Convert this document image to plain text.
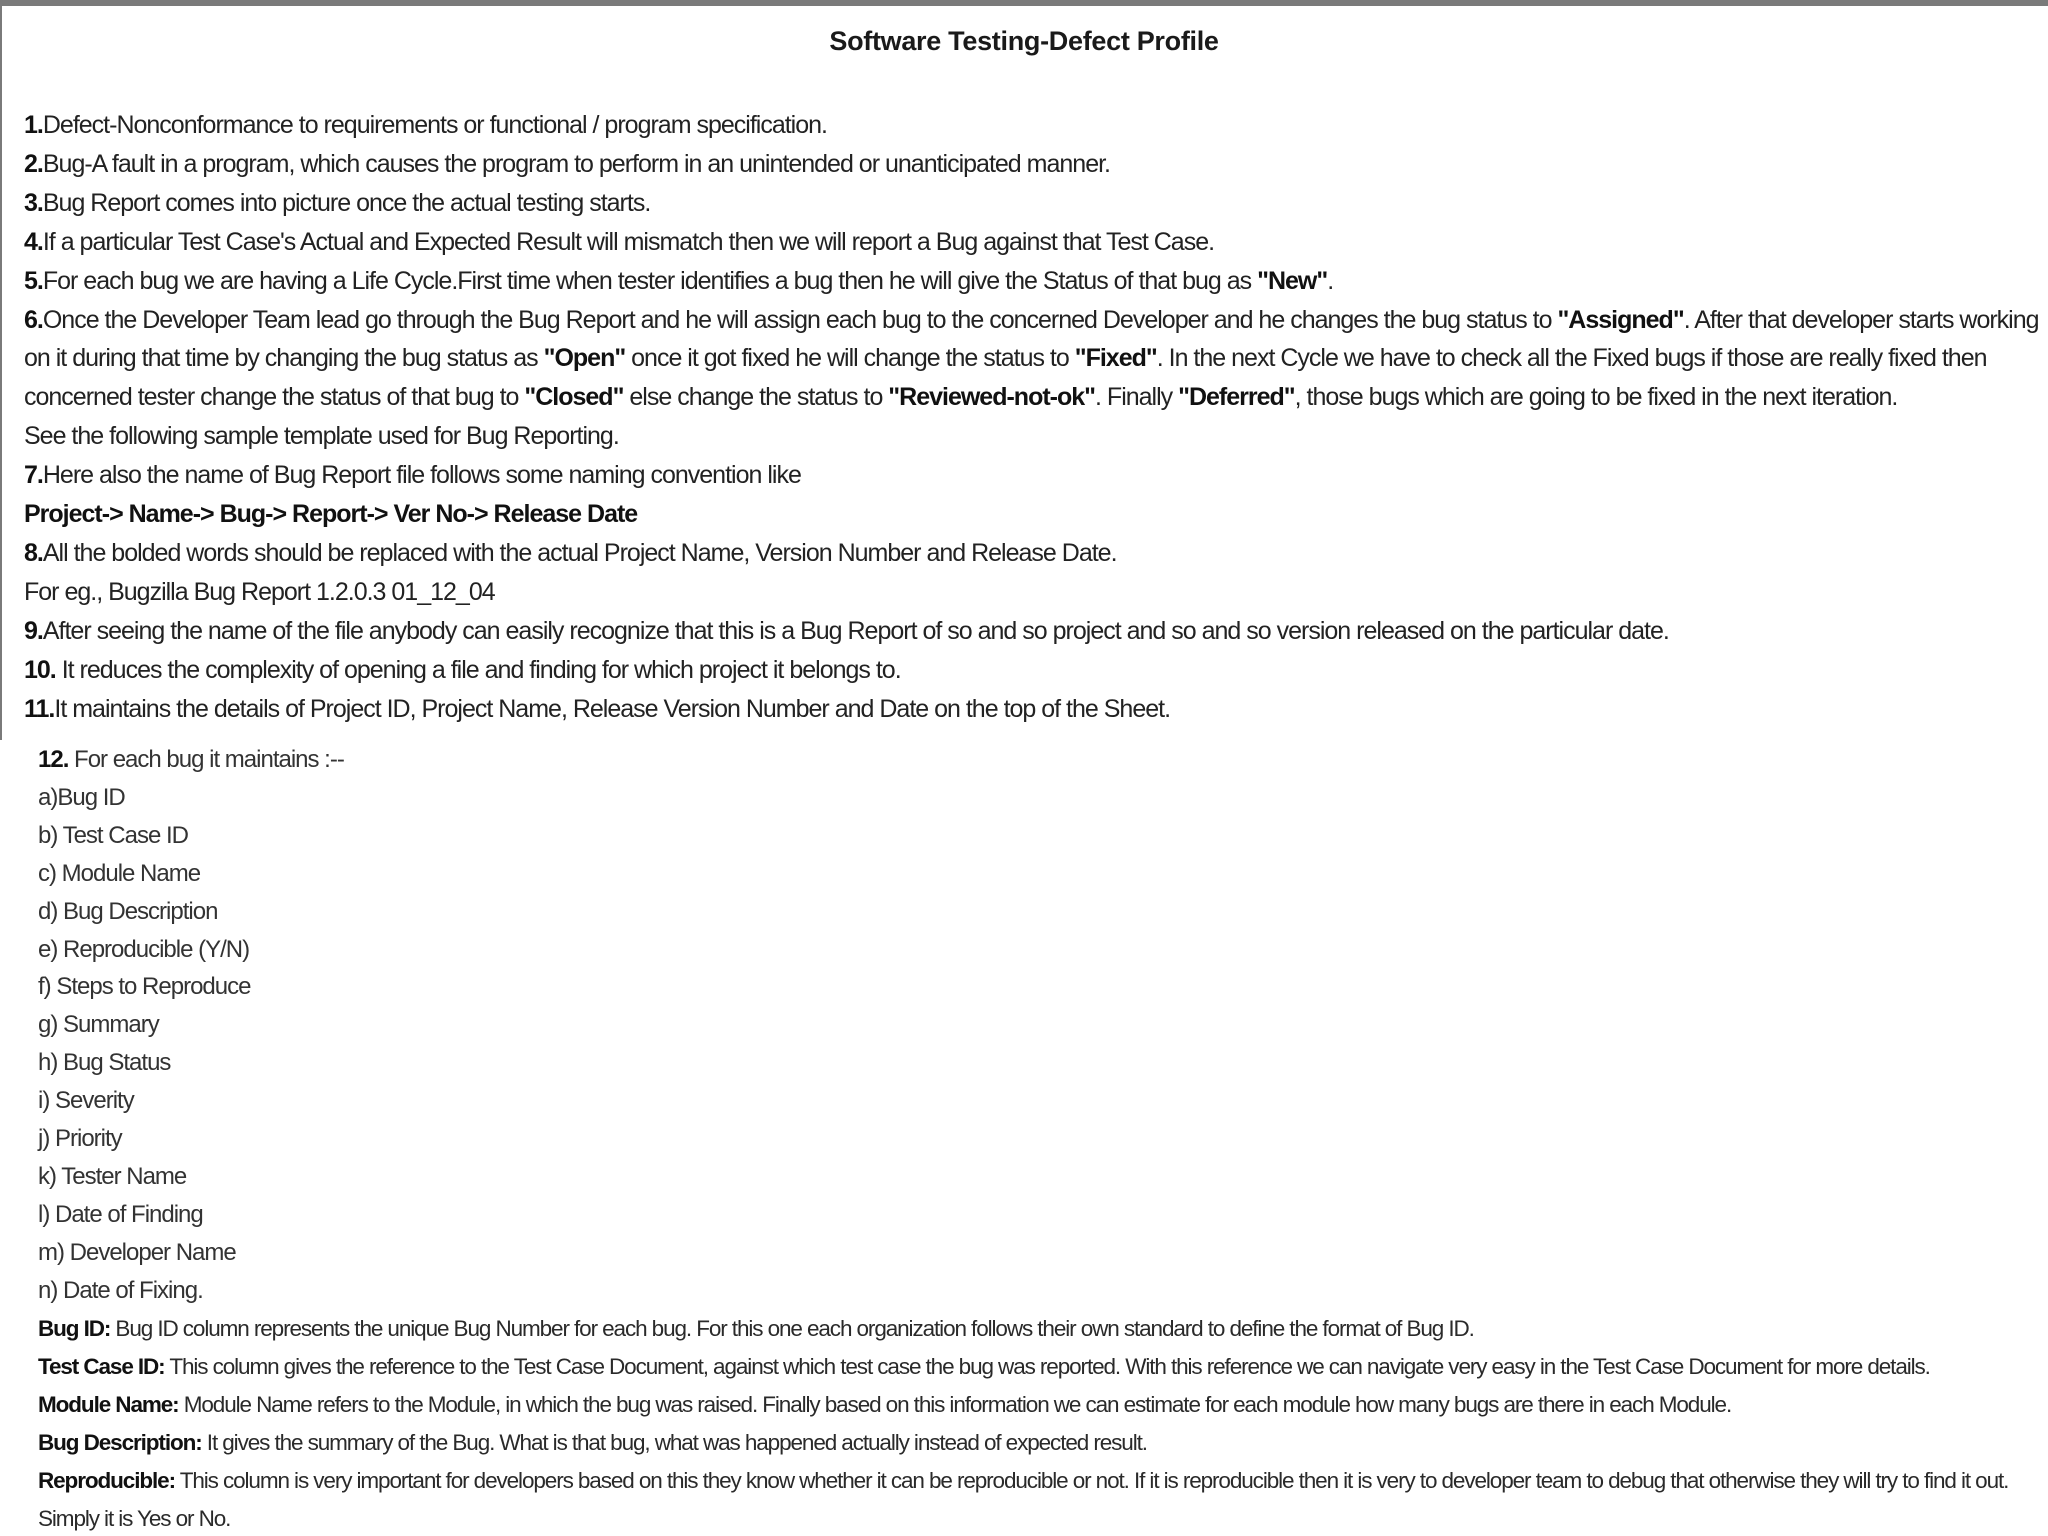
Software Testing-Defect Profile

1.Defect-Nonconformance to requirements or functional / program specification.

2.Bug-A fault in a program, which causes the program to perform in an unintended or unanticipated manner.

3.Bug Report comes into picture once the actual testing starts.

4.If a particular Test Case's Actual and Expected Result will mismatch then we will report a Bug against that Test Case.

5.For each bug we are having a Life Cycle.First time when tester identifies a bug then he will give the Status of that bug as "New".

6.Once the Developer Team lead go through the Bug Report and he will assign each bug to the concerned Developer and he changes the bug status to "Assigned". After that developer starts working on it during that time by changing the bug status as "Open" once it got fixed he will change the status to "Fixed". In the next Cycle we have to check all the Fixed bugs if those are really fixed then concerned tester change the status of that bug to "Closed" else change the status to "Reviewed-not-ok". Finally "Deferred", those bugs which are going to be fixed in the next iteration.

See the following sample template used for Bug Reporting.

7.Here also the name of Bug Report file follows some naming convention like

Project-> Name-> Bug-> Report-> Ver No-> Release Date

8.All the bolded words should be replaced with the actual Project Name, Version Number and Release Date.

For eg., Bugzilla Bug Report 1.2.0.3 01_12_04

9.After seeing the name of the file anybody can easily recognize that this is a Bug Report of so and so project and so and so version released on the particular date.

10. It reduces the complexity of opening a file and finding for which project it belongs to.

11.It maintains the details of Project ID, Project Name, Release Version Number and Date on the top of the Sheet.

12. For each bug it maintains :--

a)Bug ID
b) Test Case ID
c) Module Name
d) Bug Description
e) Reproducible (Y/N)
f) Steps to Reproduce
g) Summary
h) Bug Status
i) Severity
j) Priority
k) Tester Name
l) Date of Finding
m) Developer Name
n) Date of Fixing.

Bug ID: Bug ID column represents the unique Bug Number for each bug. For this one each organization follows their own standard to define the format of Bug ID.

Test Case ID: This column gives the reference to the Test Case Document, against which test case the bug was reported. With this reference we can navigate very easy in the Test Case Document for more details.

Module Name: Module Name refers to the Module, in which the bug was raised. Finally based on this information we can estimate for each module how many bugs are there in each Module.

Bug Description: It gives the summary of the Bug. What is that bug, what was happened actually instead of expected result.

Reproducible: This column is very important for developers based on this they know whether it can be reproducible or not. If it is reproducible then it is very to developer team to debug that otherwise they will try to find it out.

Simply it is Yes or No.
